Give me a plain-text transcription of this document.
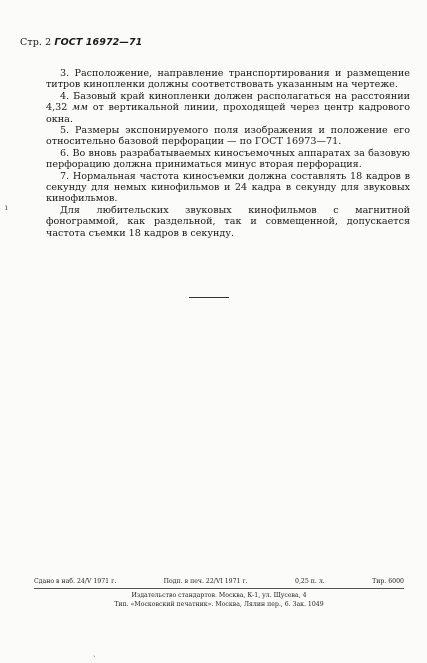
Стр. 2 ГОСТ 16972—71

3. Расположение, направление транспортирования и размещение титров кинопленки должны соответствовать указанным на чертеже.

4. Базовый край кинопленки должен располагаться на расстоянии 4,32 мм от вертикальной линии, проходящей через центр кадрового окна.

5. Размеры экспонируемого поля изображения и положение его относительно базовой перфорации — по ГОСТ 16973—71.

6. Во вновь разрабатываемых киносъемочных аппаратах за базовую перфорацию должна приниматься минус вторая перфорация.

7. Нормальная частота киносъемки должна составлять 18 кадров в секунду для немых кинофильмов и 24 кадра в секунду для звуковых кинофильмов.

Для любительских звуковых кинофильмов с магнитной фонограммой, как раздельной, так и совмещенной, допускается частота съемки 18 кадров в секунду.

ı
Сдано в наб. 24/V 1971 г.	Подп. в печ. 22/VI 1971 г.	0,25 п. л.	Тир. 6000
Издательство стандартов. Москва, К-1, ул. Щусева, 4
Тип. «Московский печатник». Москва, Лялин пер., 6. Зак. 1049
ˎ
